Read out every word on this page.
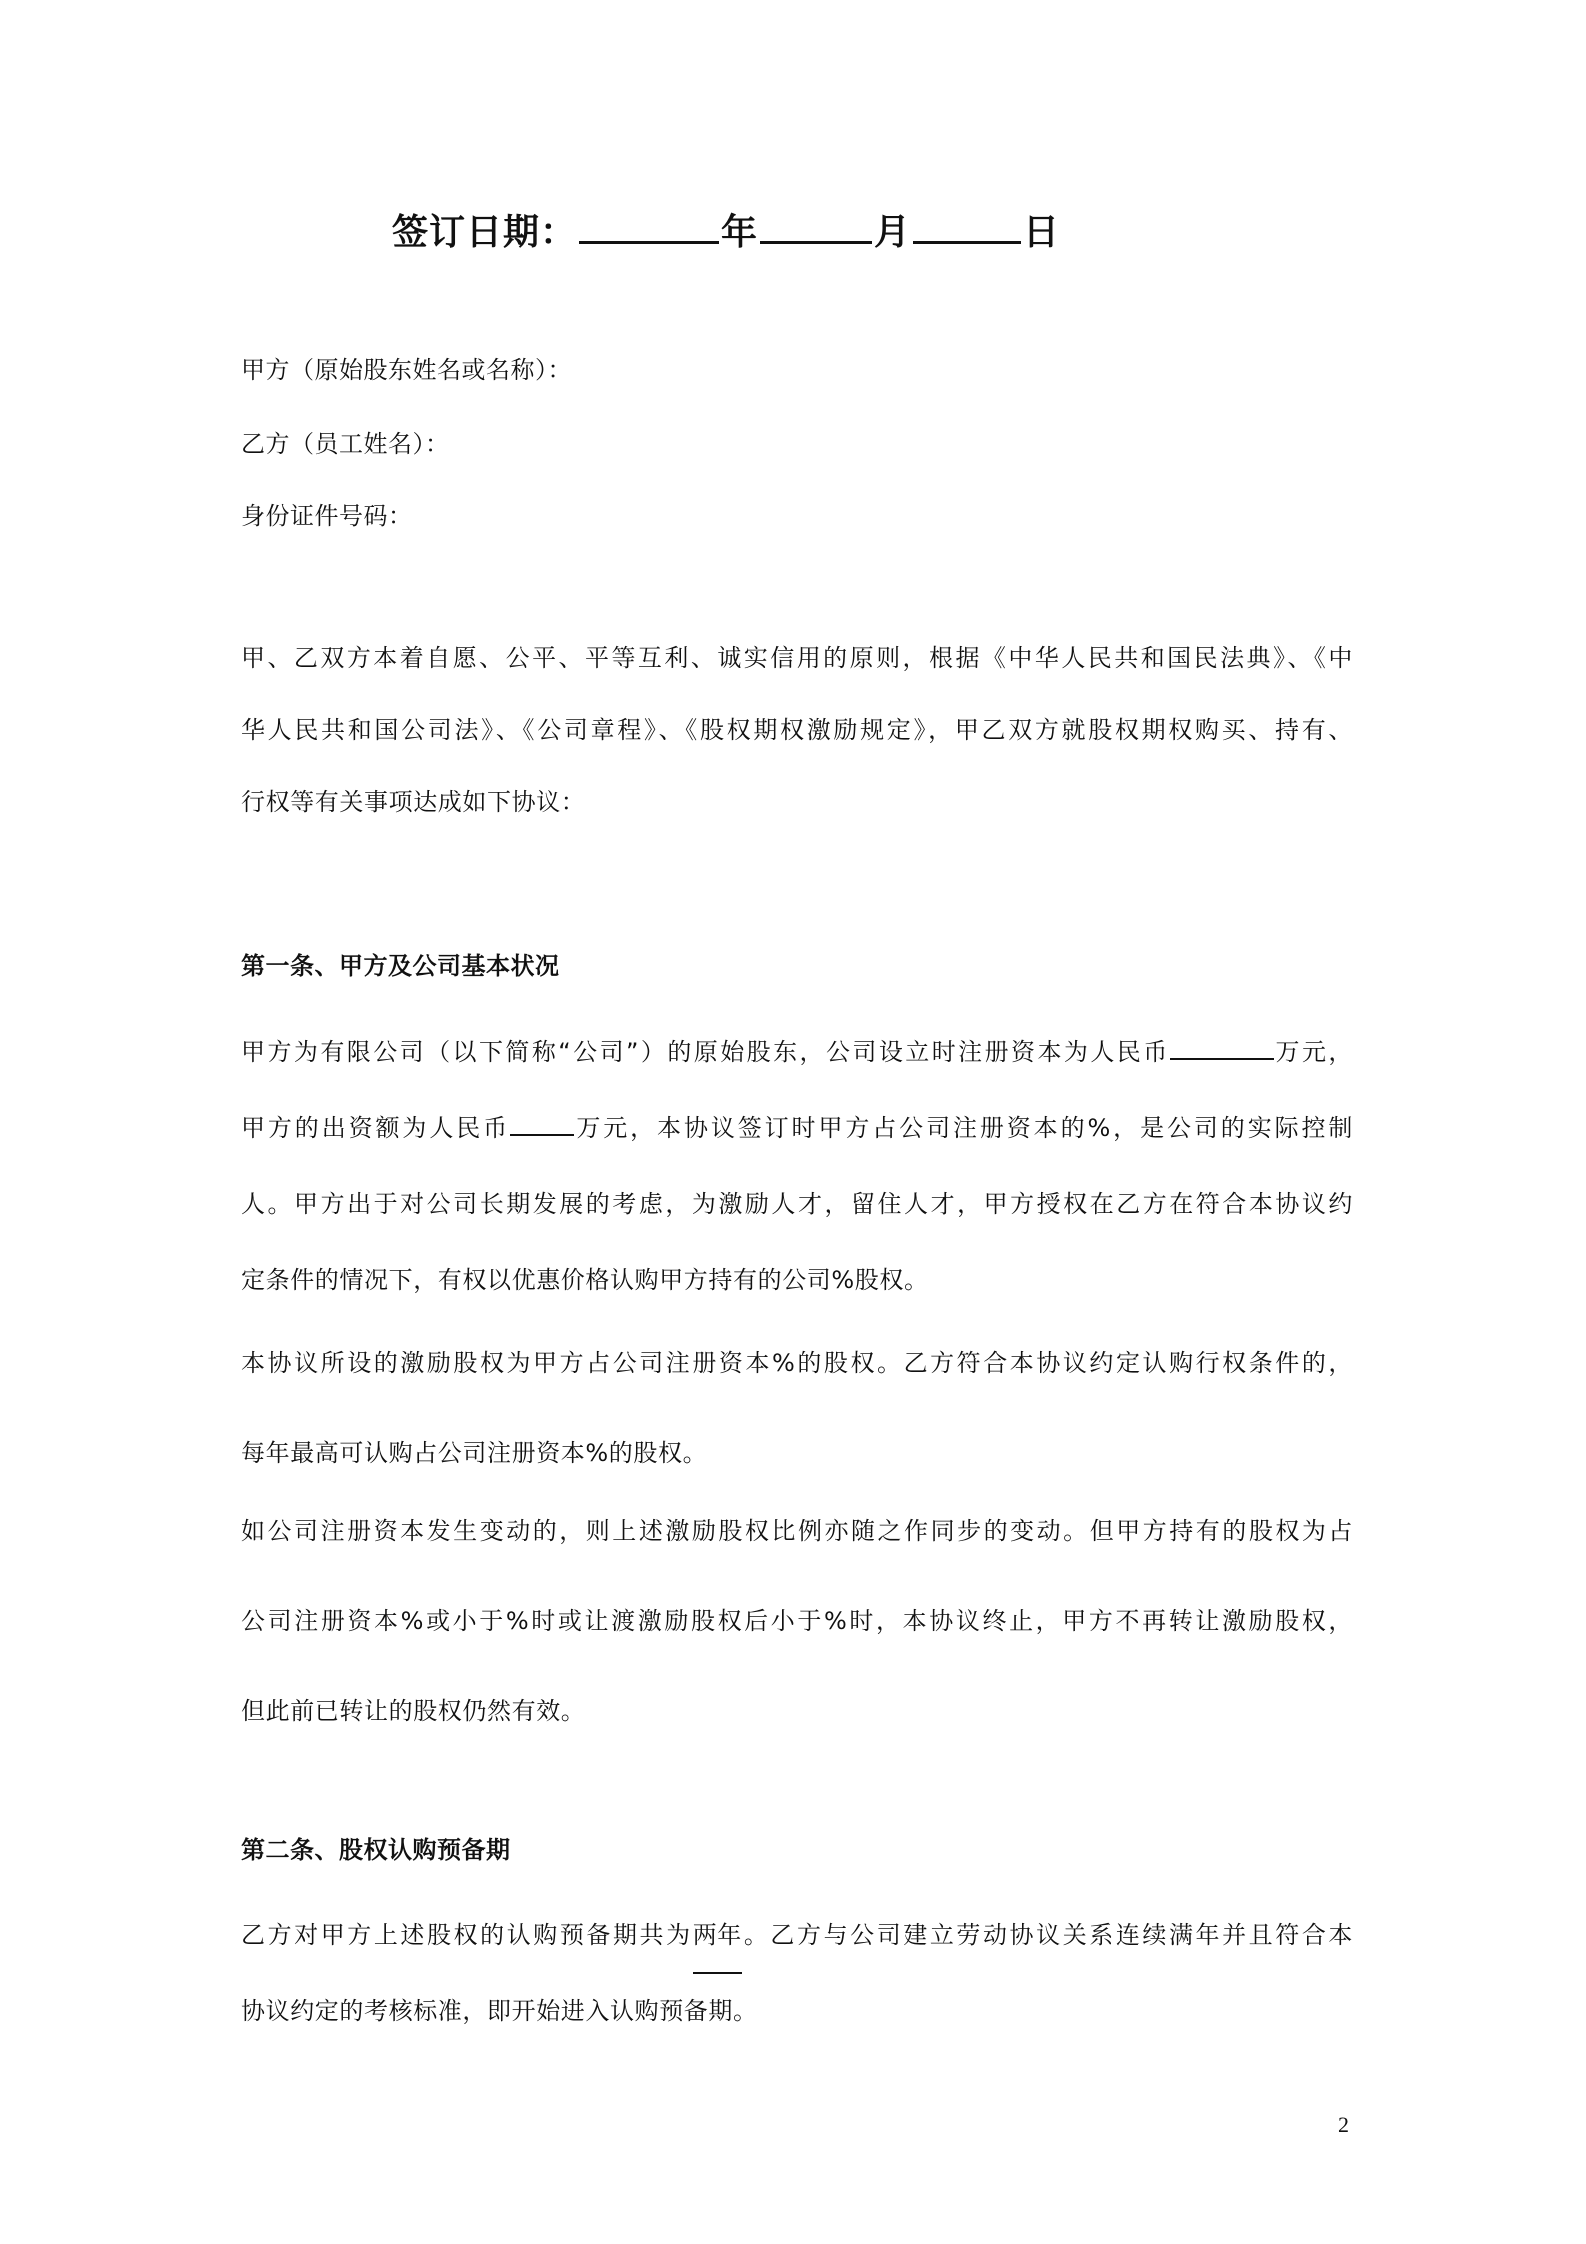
签订日期：	年	月	日
甲方（原始股东姓名或名称）：
乙方（员工姓名）：
身份证件号码：

甲、乙双方本着自愿、公平、平等互利、诚实信用的原则，根据《中华人民共和国民法典》、《中

华人民共和国公司法》、《公司章程》、《股权期权激励规定》，甲乙双方就股权期权购买、持有、

行权等有关事项达成如下协议：

第一条、甲方及公司基本状况

甲方为有限公司（以下简称“公司”）的原始股东，公司设立时注册资本为人民币	万元，

甲方的出资额为人民币	万元，本协议签订时甲方占公司注册资本的%，是公司的实际控制

人。甲方出于对公司长期发展的考虑，为激励人才，留住人才，甲方授权在乙方在符合本协议约

定条件的情况下，有权以优惠价格认购甲方持有的公司%股权。

本协议所设的激励股权为甲方占公司注册资本%的股权。乙方符合本协议约定认购行权条件的，

每年最高可认购占公司注册资本%的股权。

如公司注册资本发生变动的，则上述激励股权比例亦随之作同步的变动。但甲方持有的股权为占

公司注册资本%或小于%时或让渡激励股权后小于%时，本协议终止，甲方不再转让激励股权，

但此前已转让的股权仍然有效。

第二条、股权认购预备期

乙方对甲方上述股权的认购预备期共为两年。乙方与公司建立劳动协议关系连续满年并且符合本

协议约定的考核标准，即开始进入认购预备期。

2
